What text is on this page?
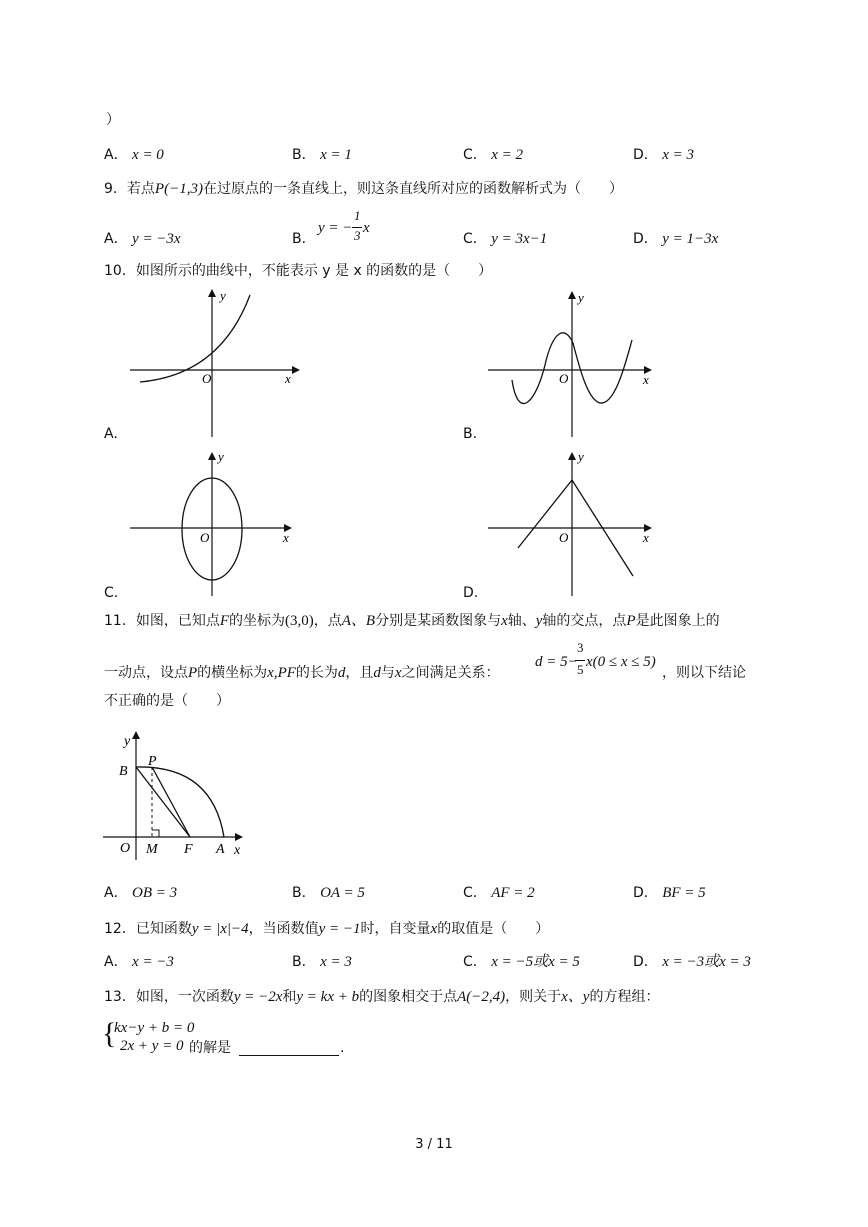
）
A． x = 0	B． x = 1	C． x = 2	D． x = 3
9．若点P(−1,3)在过原点的一条直线上，则这条直线所对应的函数解析式为（　　）
A． y = −3x	B．
y = −
1
3 x
C． y = 3x−1	D． y = 1−3x
10．如图所示的曲线中，不能表示 y 是 x 的函数的是（　　）
y
O	x
A.
y
O	x
B.
y
O	x
C.
y
O	x
D.
11．如图，已知点F的坐标为(3,0)，点A、B分别是某函数图象与x轴、y轴的交点，点P是此图象上的
一动点，设点P的横坐标为x,PF的长为d，且d与x之间满足关系：
d = 5−
3
5 x(0 ≤ x ≤ 5)
，则以下结论
不正确的是（　　）
y
B
P
O M F A x
A． OB = 3	B． OA = 5	C． AF = 2	D． BF = 5
12．已知函数y = |x|−4，当函数值y = −1时，自变量x的取值是（　　）
A． x = −3	B． x = 3	C． x = −5或x = 5	D． x = −3或x = 3
13．如图，一次函数y = −2x和y = kx + b的图象相交于点A(−2,4)，则关于x、y的方程组：
{
kx−y + b = 0
2x + y = 0 的解是	.
3 / 11
